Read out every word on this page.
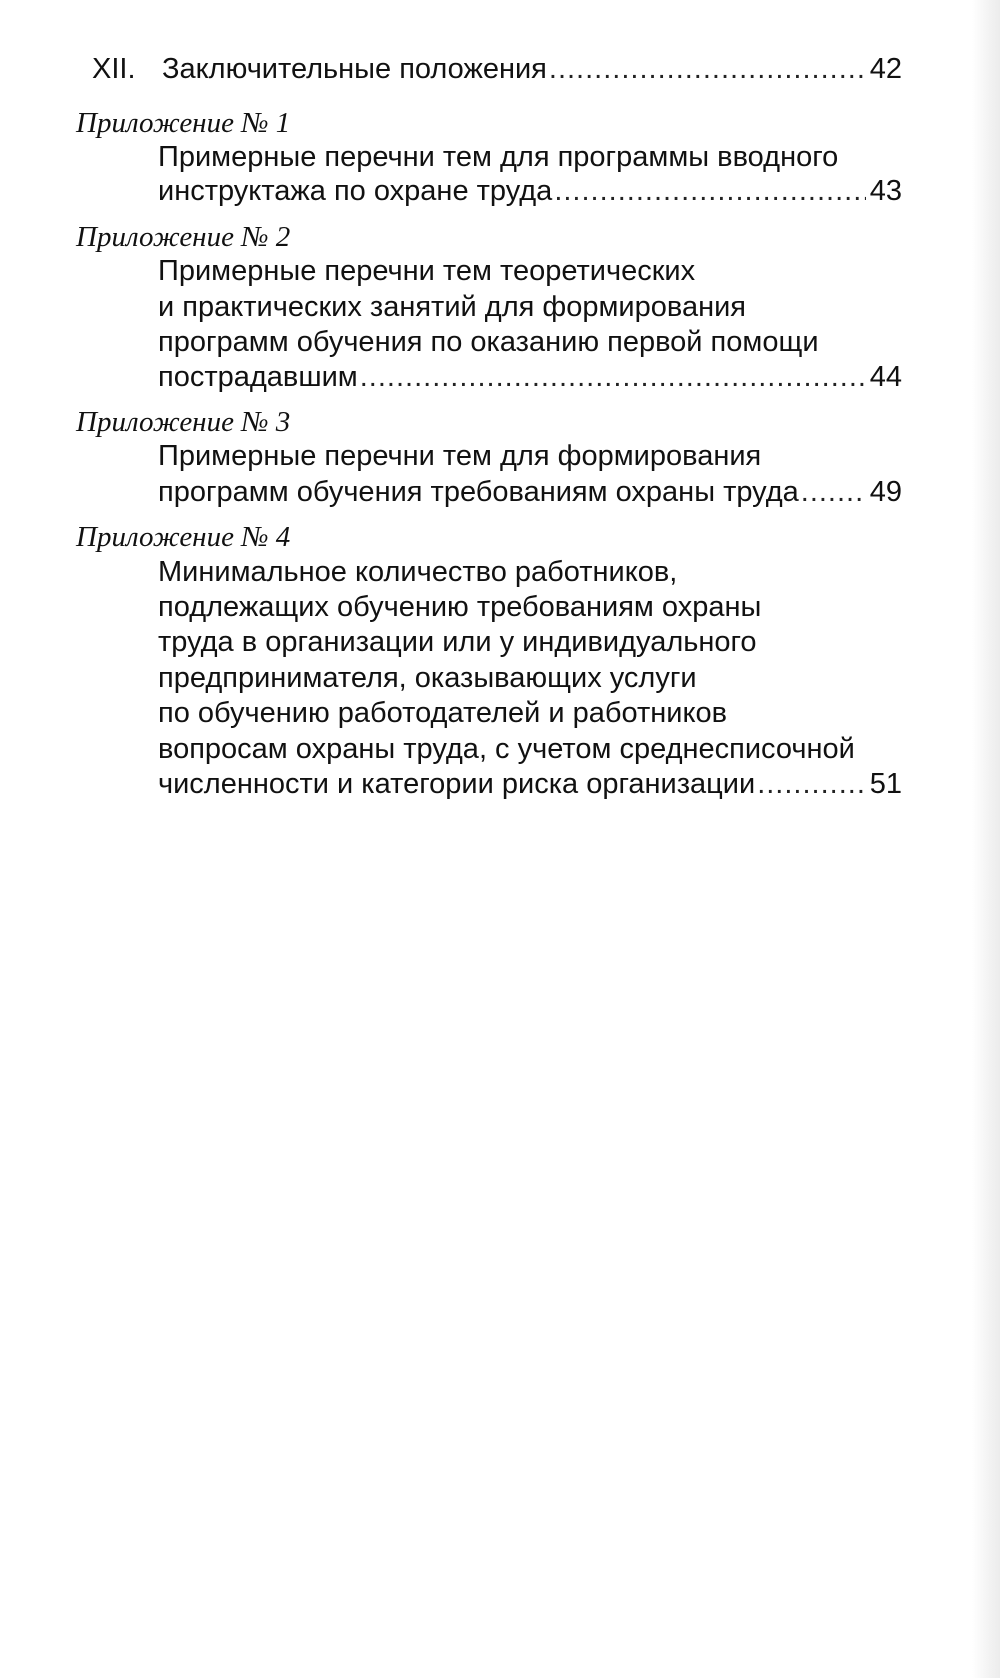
XII. Заключительные положения .....	42
Приложение № 1
Примерные перечни тем для программы вводного
инструктажа по охране труда .....	43
Приложение № 2
Примерные перечни тем теоретических
и практических занятий для формирования
программ обучения по оказанию первой помощи
пострадавшим .....	44
Приложение № 3
Примерные перечни тем для формирования
программ обучения требованиям охраны труда ..... 49
Приложение № 4
Минимальное количество работников,
подлежащих обучению требованиям охраны
труда в организации или у индивидуального
предпринимателя, оказывающих услуги
по обучению работодателей и работников
вопросам охраны труда, с учетом среднесписочной
численности и категории риска организации .....	51
